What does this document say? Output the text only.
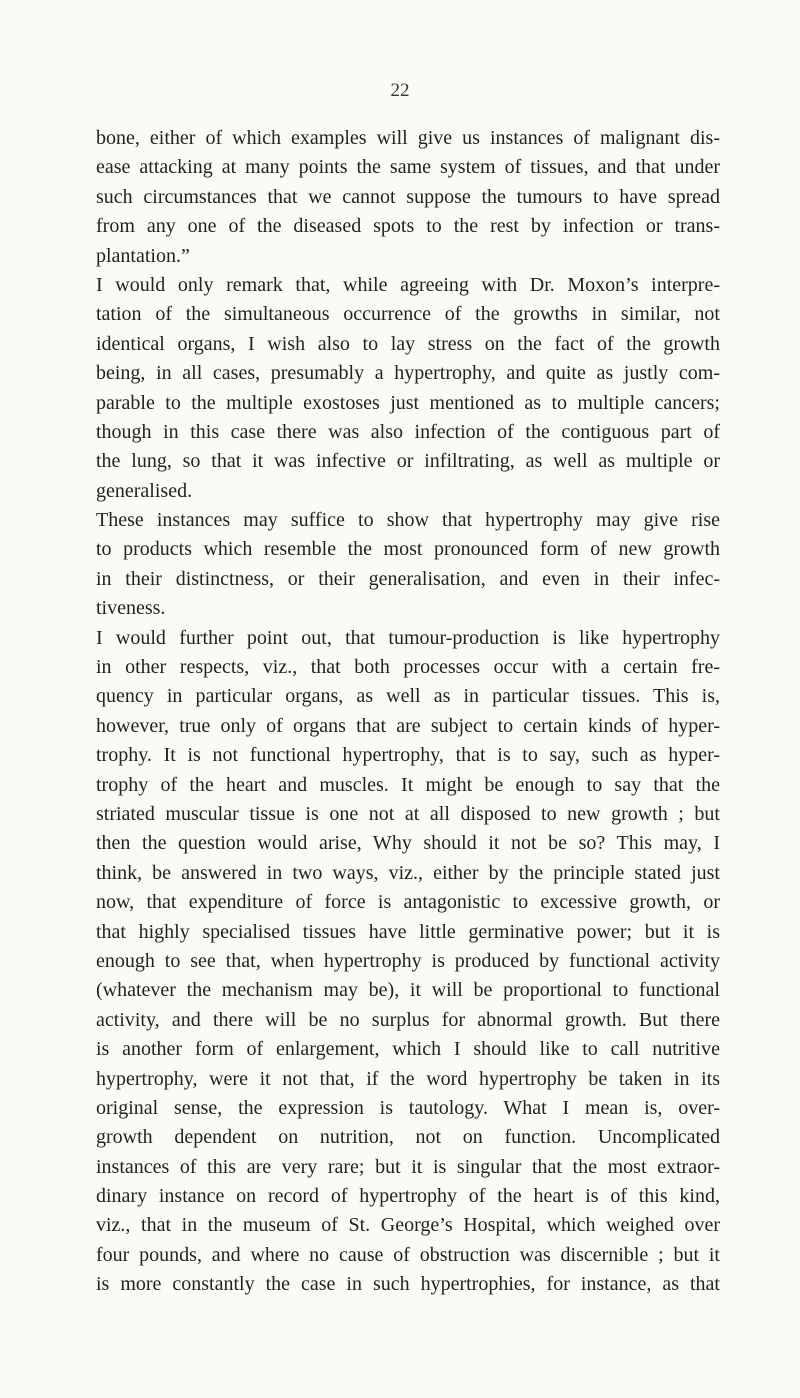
22
bone, either of which examples will give us instances of malignant dis-
ease attacking at many points the same system of tissues, and that under
such circumstances that we cannot suppose the tumours to have spread
from any one of the diseased spots to the rest by infection or trans-
plantation.”
I would only remark that, while agreeing with Dr. Moxon’s interpre-
tation of the simultaneous occurrence of the growths in similar, not
identical organs, I wish also to lay stress on the fact of the growth
being, in all cases, presumably a hypertrophy, and quite as justly com-
parable to the multiple exostoses just mentioned as to multiple cancers;
though in this case there was also infection of the contiguous part of
the lung, so that it was infective or infiltrating, as well as multiple or
generalised.
These instances may suffice to show that hypertrophy may give rise
to products which resemble the most pronounced form of new growth
in their distinctness, or their generalisation, and even in their infec-
tiveness.
I would further point out, that tumour-production is like hypertrophy
in other respects, viz., that both processes occur with a certain fre-
quency in particular organs, as well as in particular tissues. This is,
however, true only of organs that are subject to certain kinds of hyper-
trophy. It is not functional hypertrophy, that is to say, such as hyper-
trophy of the heart and muscles. It might be enough to say that the
striated muscular tissue is one not at all disposed to new growth ; but
then the question would arise, Why should it not be so? This may, I
think, be answered in two ways, viz., either by the principle stated just
now, that expenditure of force is antagonistic to excessive growth, or
that highly specialised tissues have little germinative power; but it is
enough to see that, when hypertrophy is produced by functional activity
(whatever the mechanism may be), it will be proportional to functional
activity, and there will be no surplus for abnormal growth. But there
is another form of enlargement, which I should like to call nutritive
hypertrophy, were it not that, if the word hypertrophy be taken in its
original sense, the expression is tautology. What I mean is, over-
growth dependent on nutrition, not on function. Uncomplicated
instances of this are very rare; but it is singular that the most extraor-
dinary instance on record of hypertrophy of the heart is of this kind,
viz., that in the museum of St. George’s Hospital, which weighed over
four pounds, and where no cause of obstruction was discernible ; but it
is more constantly the case in such hypertrophies, for instance, as that
